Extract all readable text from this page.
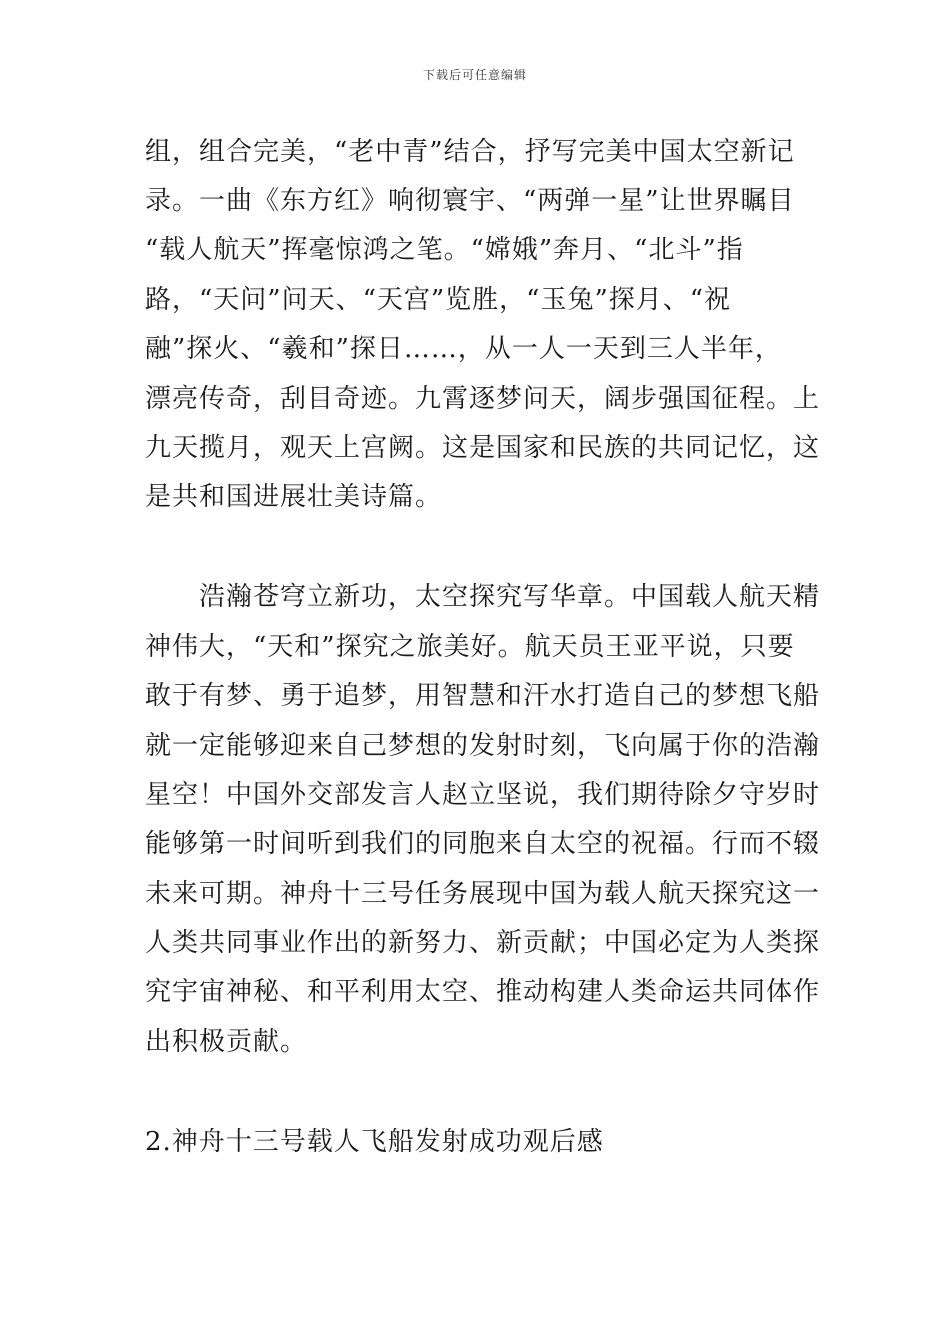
下载后可任意编辑
组，组合完美，“老中青”结合，抒写完美中国太空新记
录。一曲《东方红》响彻寰宇、“两弹一星”让世界瞩目
“载人航天”挥毫惊鸿之笔。“嫦娥”奔月、“北斗”指
路，“天问”问天、“天宫”览胜，“玉兔”探月、“祝
融”探火、“羲和”探日……，从一人一天到三人半年，
漂亮传奇，刮目奇迹。九霄逐梦问天，阔步强国征程。上
九天揽月，观天上宫阙。这是国家和民族的共同记忆，这
是共和国进展壮美诗篇。
　　浩瀚苍穹立新功，太空探究写华章。中国载人航天精
神伟大，“天和”探究之旅美好。航天员王亚平说，只要
敢于有梦、勇于追梦，用智慧和汗水打造自己的梦想飞船
就一定能够迎来自己梦想的发射时刻，飞向属于你的浩瀚
星空！中国外交部发言人赵立坚说，我们期待除夕守岁时
能够第一时间听到我们的同胞来自太空的祝福。行而不辍
未来可期。神舟十三号任务展现中国为载人航天探究这一
人类共同事业作出的新努力、新贡献；中国必定为人类探
究宇宙神秘、和平利用太空、推动构建人类命运共同体作
出积极贡献。
2.神舟十三号载人飞船发射成功观后感
